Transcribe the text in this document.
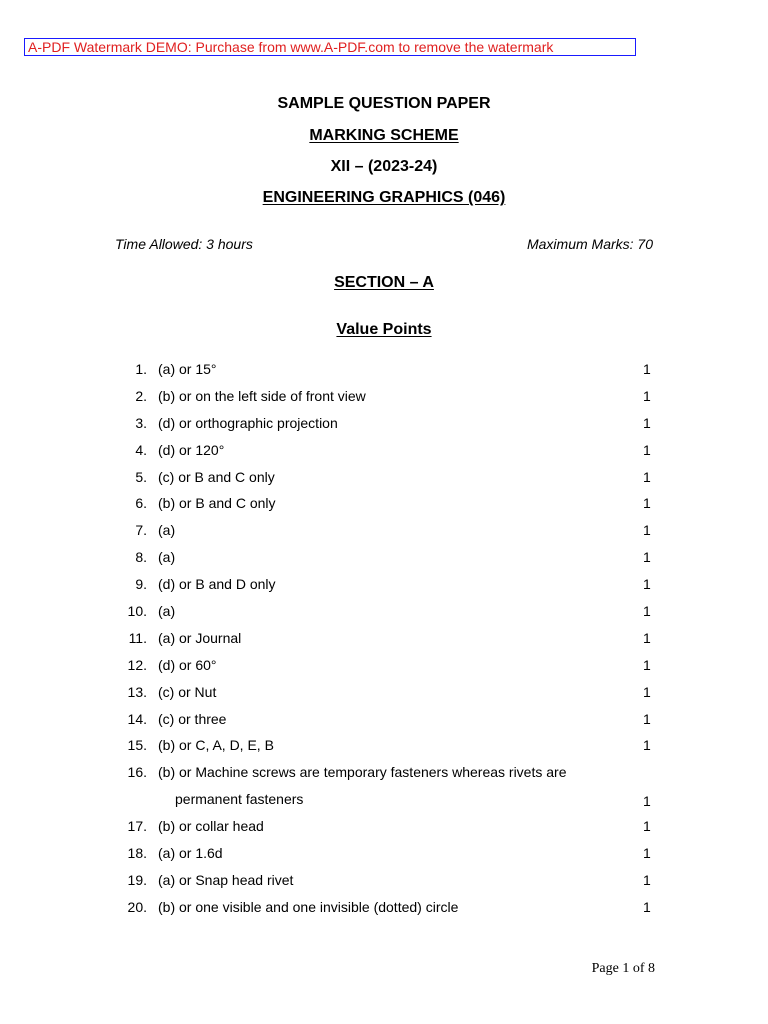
A-PDF Watermark DEMO: Purchase from www.A-PDF.com to remove the watermark
SAMPLE QUESTION PAPER
MARKING SCHEME
XII – (2023-24)
ENGINEERING GRAPHICS (046)
Time Allowed: 3 hours	Maximum Marks: 70
SECTION – A
Value Points
1. (a) or 15°	1
2. (b) or on the left side of front view	1
3. (d) or orthographic projection	1
4. (d) or 120°	1
5. (c) or B and C only	1
6. (b) or B and C only	1
7. (a)	1
8. (a)	1
9. (d) or B and D only	1
10. (a)	1
11. (a) or Journal	1
12. (d) or 60°	1
13. (c) or Nut	1
14. (c) or three	1
15. (b) or C, A, D, E, B	1
16. (b) or Machine screws are temporary fasteners whereas rivets are
permanent fasteners	1
17. (b) or collar head	1
18. (a) or 1.6d	1
19. (a) or Snap head rivet	1
20. (b) or one visible and one invisible (dotted) circle	1
Page 1 of 8
